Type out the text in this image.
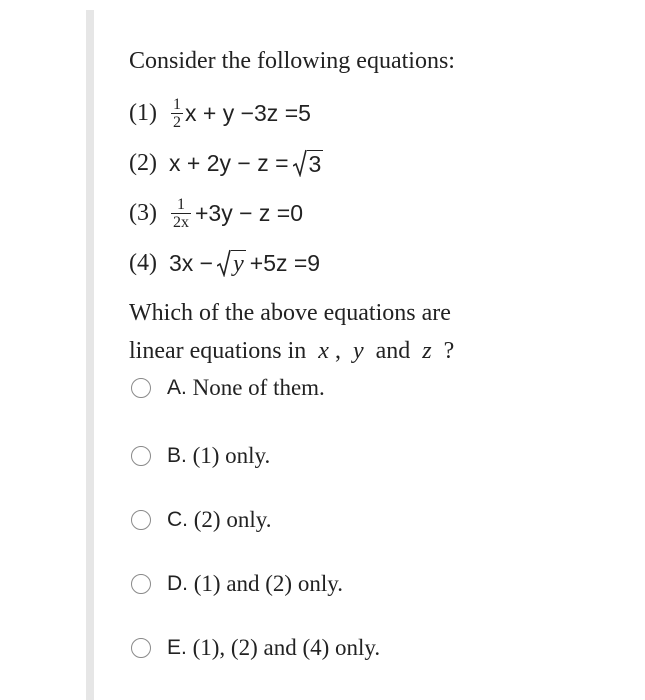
Consider the following equations:

$(1) \frac{1}{2}$ x + y −3z =5
(2) x + 2y − z = 3
$(3) \frac{1}{2x} +3y - z =0$
(4) 3x − y +5z =9
Which of the above equations are
linear equations in x , y and z ?
A. None of them.
B. (1) only.
C. (2) only.
D. (1) and (2) only.
E. (1), (2) and (4) only.
